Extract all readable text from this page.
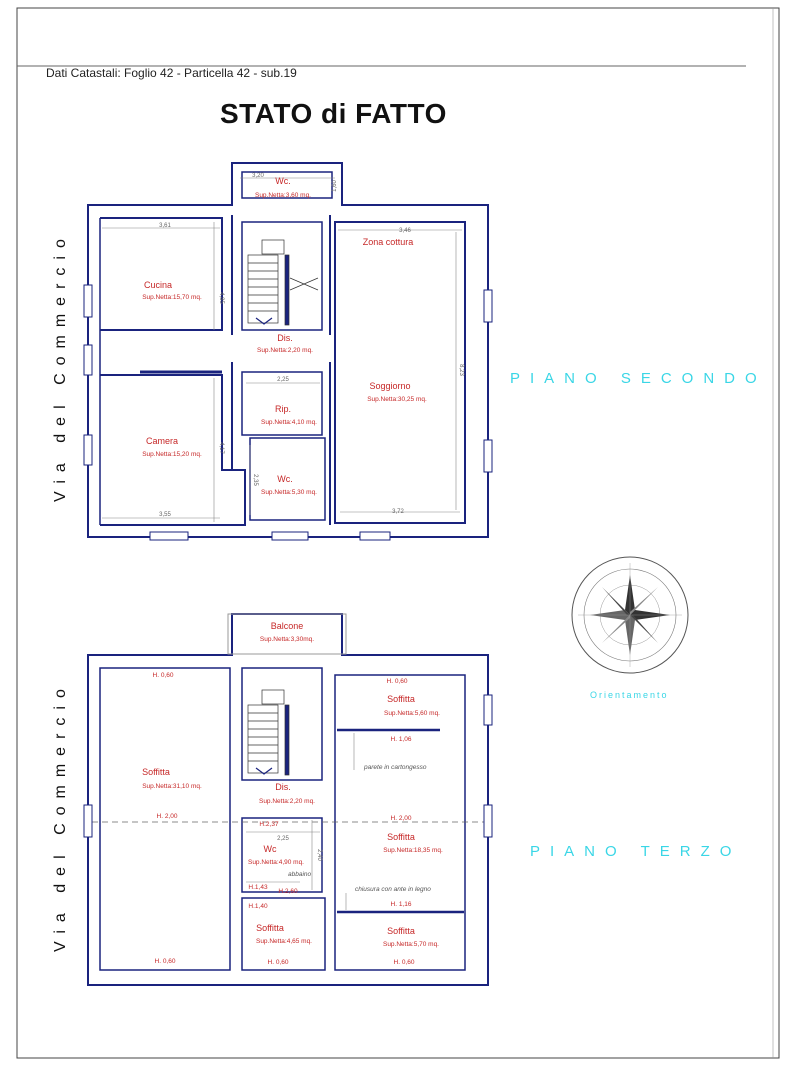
Wc.
Sup.Netta:3,60 mq.
Cucina
Sup.Netta:15,70 mq.
Zona cottura
Dis.
Sup.Netta:2,20 mq.
Soggiorno
Sup.Netta:30,25 mq.
Rip.
Sup.Netta:4,10 mq.
Camera
Sup.Netta:15,20 mq.
Wc.
Sup.Netta:5,30 mq.
3,20
1,60
3,61
3,46
4,85
2,25
4,17
2,35
3,55
8,23
3,72
Balcone
Sup.Netta:3,30mq.
Soffitta
Sup.Netta:31,10 mq.
Soffitta
Sup.Netta:5,60 mq.
Dis.
Sup.Netta:2,20 mq.
Soffitta
Sup.Netta:18,35 mq.
Wc
Sup.Netta:4,90 mq.
Soffitta
Sup.Netta:4,65 mq.
Soffitta
Sup.Netta:5,70 mq.
H. 0,60
H. 0,60
H. 1,06
H. 2,00	H. 2,00
H.2,37
H.1,43
H.2,60
H.1,40	H. 1,16
H. 0,60	H. 0,60	H. 0,60
parete in cartongesso
abbaino
chiusura con ante in legno
2,25
2,40
Dati Catastali: Foglio 42 - Particella 42 - sub.19
STATO di FATTO
PIANO SECONDO
PIANO TERZO
Via del Commercio
Via del Commercio	Orientamento
